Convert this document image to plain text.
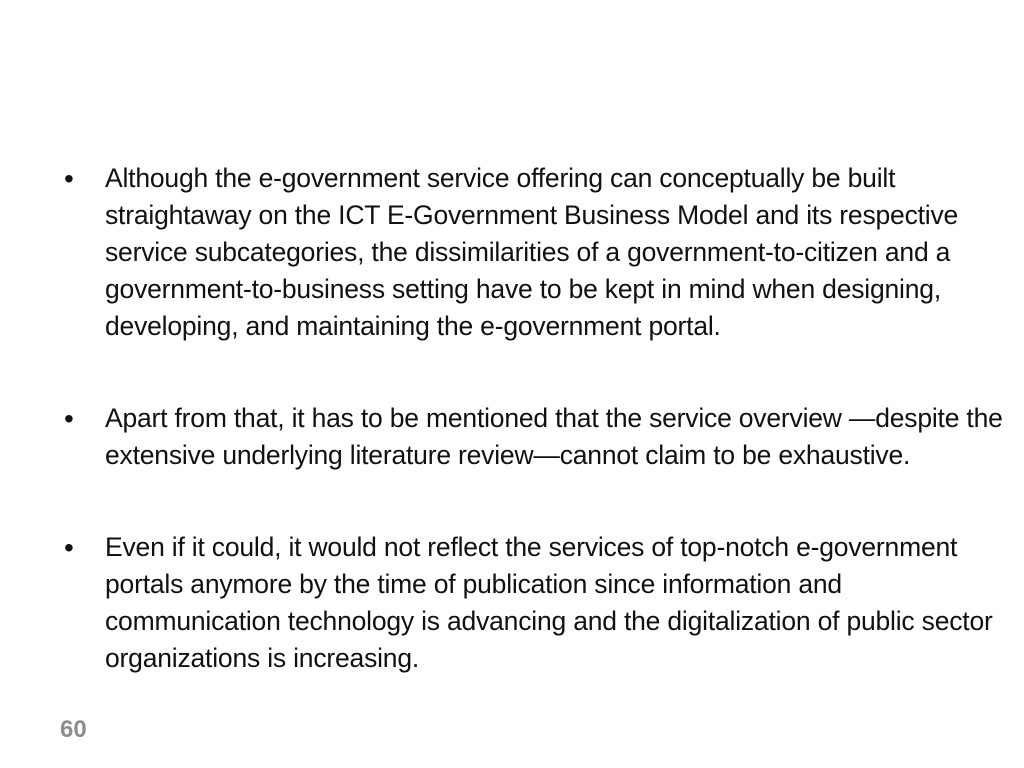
• Although the e-government service offering can conceptually be built straightaway on the ICT E-Government Business Model and its respective service subcategories, the dissimilarities of a government-to-citizen and a government-to-business setting have to be kept in mind when designing, developing, and maintaining the e-government portal.
• Apart from that, it has to be mentioned that the service overview —despite the extensive underlying literature review—cannot claim to be exhaustive.
• Even if it could, it would not reflect the services of top-notch e-government portals anymore by the time of publication since information and communication technology is advancing and the digitalization of public sector organizations is increasing.
60
